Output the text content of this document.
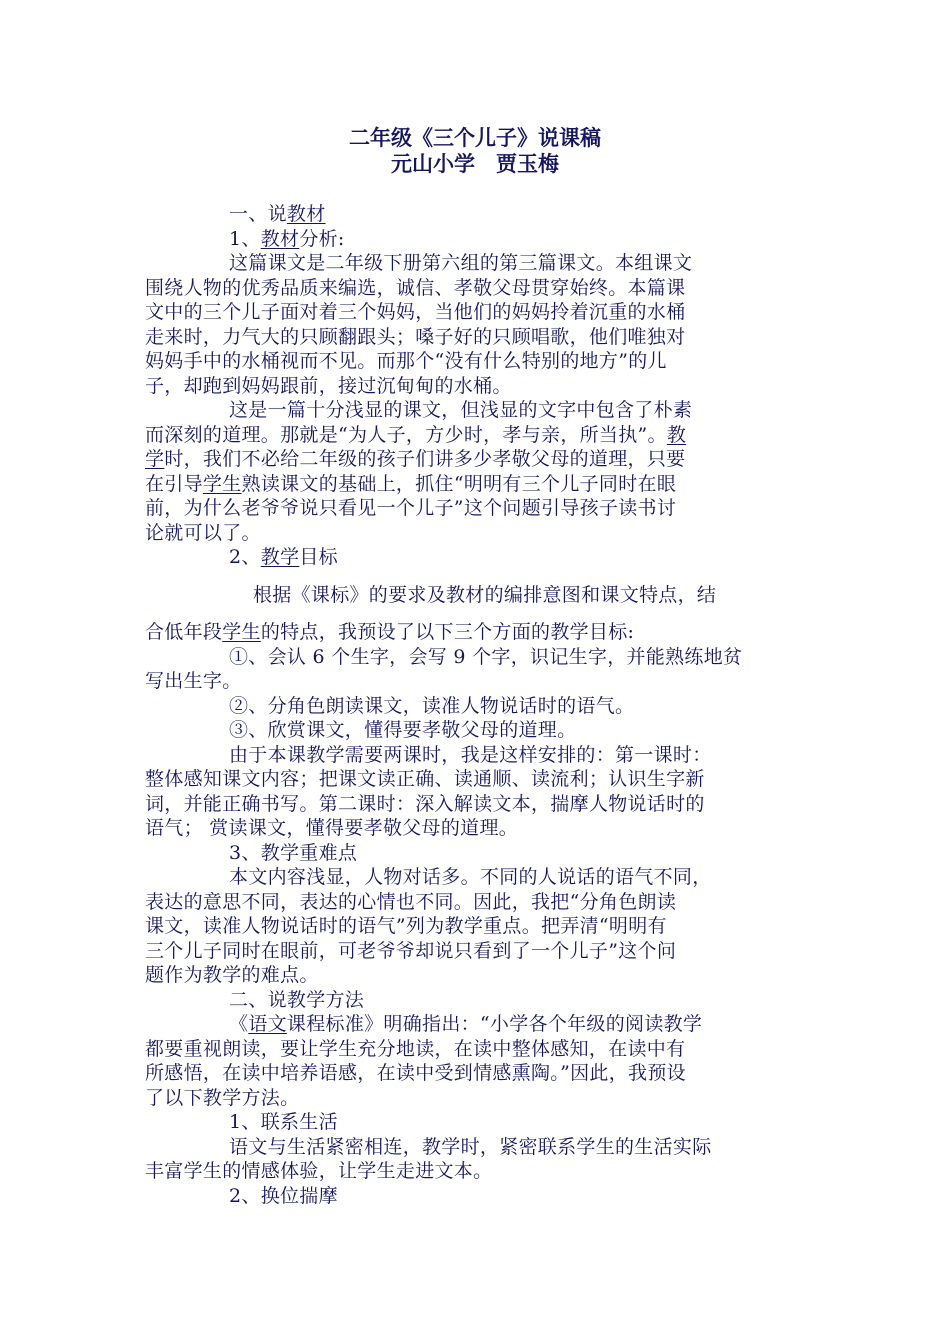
二年级《三个儿子》说课稿
元山小学　贾玉梅
一、说教材
1、教材分析:
这篇课文是二年级下册第六组的第三篇课文。本组课文
围绕人物的优秀品质来编选，诚信、孝敬父母贯穿始终。本篇课
文中的三个儿子面对着三个妈妈，当他们的妈妈拎着沉重的水桶
走来时，力气大的只顾翻跟头；嗓子好的只顾唱歌，他们唯独对
妈妈手中的水桶视而不见。而那个“没有什么特别的地方”的儿
子，却跑到妈妈跟前，接过沉甸甸的水桶。
这是一篇十分浅显的课文，但浅显的文字中包含了朴素
而深刻的道理。那就是“为人子，方少时，孝与亲，所当执”。教
学时，我们不必给二年级的孩子们讲多少孝敬父母的道理，只要
在引导学生熟读课文的基础上，抓住“明明有三个儿子同时在眼
前，为什么老爷爷说只看见一个儿子”这个问题引导孩子读书讨
论就可以了。
2、教学目标
根据《课标》的要求及教材的编排意图和课文特点，结
合低年段学生的特点，我预设了以下三个方面的教学目标:
①、会认 6 个生字，会写 9 个字，识记生字，并能熟练地贫
写出生字。
②、分角色朗读课文，读准人物说话时的语气。
③、欣赏课文，懂得要孝敬父母的道理。
由于本课教学需要两课时，我是这样安排的：第一课时：
整体感知课文内容；把课文读正确、读通顺、读流利；认识生字新
词，并能正确书写。第二课时：深入解读文本，揣摩人物说话时的
语气； 赏读课文，懂得要孝敬父母的道理。
3、教学重难点
本文内容浅显，人物对话多。不同的人说话的语气不同，
表达的意思不同，表达的心情也不同。因此，我把“分角色朗读
课文，读准人物说话时的语气”列为教学重点。把弄清“明明有
三个儿子同时在眼前，可老爷爷却说只看到了一个儿子”这个问
题作为教学的难点。
二、说教学方法
《语文课程标准》明确指出：“小学各个年级的阅读教学
都要重视朗读，要让学生充分地读，在读中整体感知，在读中有
所感悟，在读中培养语感，在读中受到情感熏陶。”因此，我预设
了以下教学方法。
1、联系生活
语文与生活紧密相连，教学时，紧密联系学生的生活实际
丰富学生的情感体验，让学生走进文本。
2、换位揣摩
